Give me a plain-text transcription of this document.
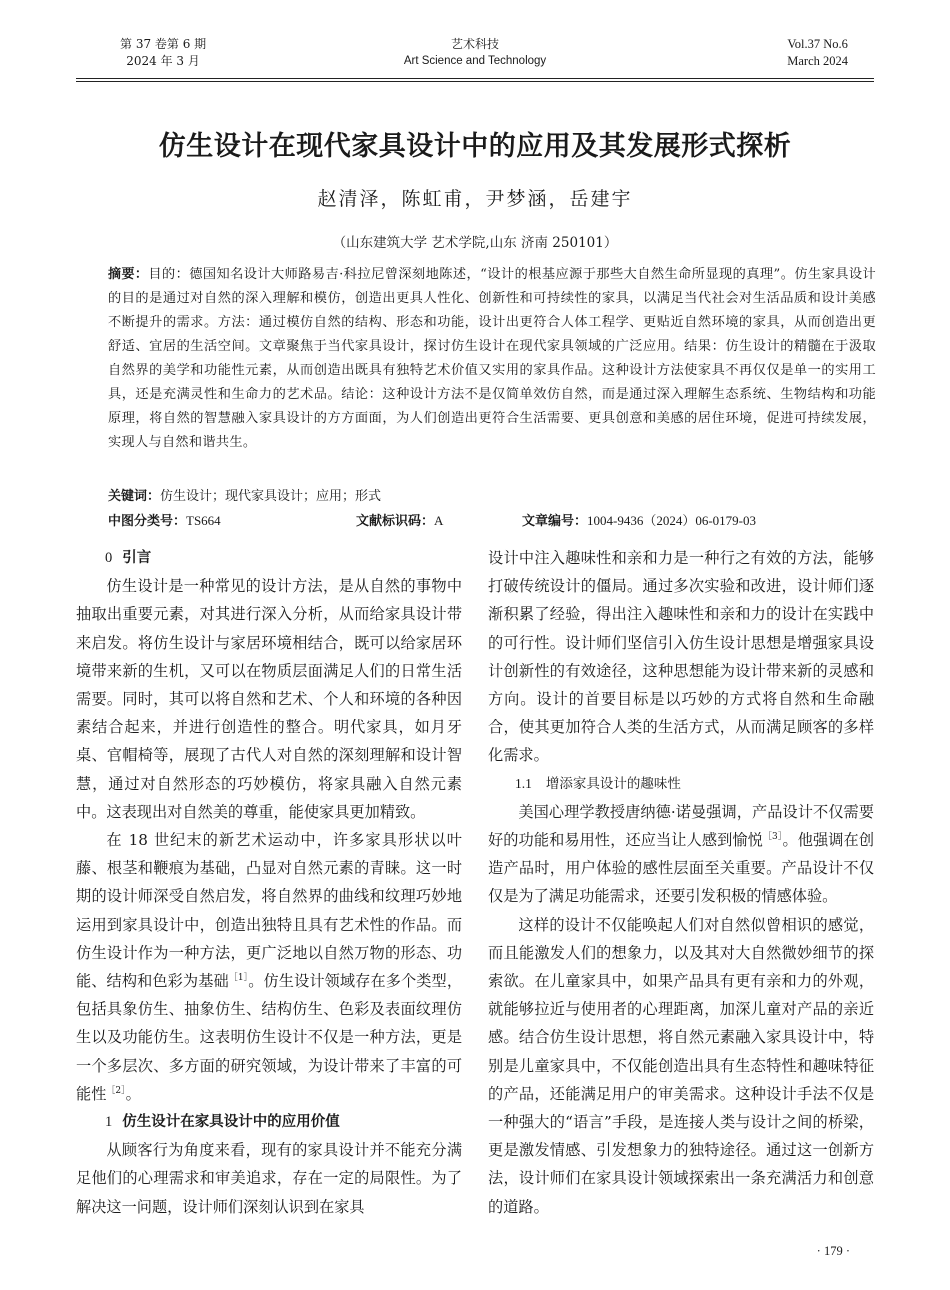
第 37 卷第 6 期
2024 年 3 月
艺术科技
Art Science and Technology
Vol.37 No.6
March 2024
仿生设计在现代家具设计中的应用及其发展形式探析
赵清泽，陈虹甫，尹梦涵，岳建宇
（山东建筑大学 艺术学院,山东 济南 250101）
摘要：目的：德国知名设计大师路易吉·科拉尼曾深刻地陈述，“设计的根基应源于那些大自然生命所显现的真理”。仿生家具设计的目的是通过对自然的深入理解和模仿，创造出更具人性化、创新性和可持续性的家具，以满足当代社会对生活品质和设计美感不断提升的需求。方法：通过模仿自然的结构、形态和功能，设计出更符合人体工程学、更贴近自然环境的家具，从而创造出更舒适、宜居的生活空间。文章聚焦于当代家具设计，探讨仿生设计在现代家具领域的广泛应用。结果：仿生设计的精髓在于汲取自然界的美学和功能性元素，从而创造出既具有独特艺术价值又实用的家具作品。这种设计方法使家具不再仅仅是单一的实用工具，还是充满灵性和生命力的艺术品。结论：这种设计方法不是仅简单效仿自然，而是通过深入理解生态系统、生物结构和功能原理，将自然的智慧融入家具设计的方方面面，为人们创造出更符合生活需要、更具创意和美感的居住环境，促进可持续发展，实现人与自然和谐共生。
关键词：仿生设计；现代家具设计；应用；形式
中图分类号：TS664	文献标识码：A	文章编号：1004-9436（2024）06-0179-03

0 引言

仿生设计是一种常见的设计方法，是从自然的事物中抽取出重要元素，对其进行深入分析，从而给家具设计带来启发。将仿生设计与家居环境相结合，既可以给家居环境带来新的生机，又可以在物质层面满足人们的日常生活需要。同时，其可以将自然和艺术、个人和环境的各种因素结合起来，并进行创造性的整合。明代家具，如月牙桌、官帽椅等，展现了古代人对自然的深刻理解和设计智慧，通过对自然形态的巧妙模仿，将家具融入自然元素中。这表现出对自然美的尊重，能使家具更加精致。

在 18 世纪末的新艺术运动中，许多家具形状以叶藤、根茎和鞭痕为基础，凸显对自然元素的青睐。这一时期的设计师深受自然启发，将自然界的曲线和纹理巧妙地运用到家具设计中，创造出独特且具有艺术性的作品。而仿生设计作为一种方法，更广泛地以自然万物的形态、功能、结构和色彩为基础$^{[1]}$。仿生设计领域存在多个类型，包括具象仿生、抽象仿生、结构仿生、色彩及表面纹理仿生以及功能仿生。这表明仿生设计不仅是一种方法，更是一个多层次、多方面的研究领域，为设计带来了丰富的可能性$^{[2]}$。

1 仿生设计在家具设计中的应用价值

从顾客行为角度来看，现有的家具设计并不能充分满足他们的心理需求和审美追求，存在一定的局限性。为了解决这一问题，设计师们深刻认识到在家具

设计中注入趣味性和亲和力是一种行之有效的方法，能够打破传统设计的僵局。通过多次实验和改进，设计师们逐渐积累了经验，得出注入趣味性和亲和力的设计在实践中的可行性。设计师们坚信引入仿生设计思想是增强家具设计创新性的有效途径，这种思想能为设计带来新的灵感和方向。设计的首要目标是以巧妙的方式将自然和生命融合，使其更加符合人类的生活方式，从而满足顾客的多样化需求。

1.1 增添家具设计的趣味性

美国心理学教授唐纳德·诺曼强调，产品设计不仅需要好的功能和易用性，还应当让人感到愉悦$^{[3]}$。他强调在创造产品时，用户体验的感性层面至关重要。产品设计不仅仅是为了满足功能需求，还要引发积极的情感体验。

这样的设计不仅能唤起人们对自然似曾相识的感觉，而且能激发人们的想象力，以及其对大自然微妙细节的探索欲。在儿童家具中，如果产品具有更有亲和力的外观，就能够拉近与使用者的心理距离，加深儿童对产品的亲近感。结合仿生设计思想，将自然元素融入家具设计中，特别是儿童家具中，不仅能创造出具有生态特性和趣味特征的产品，还能满足用户的审美需求。这种设计手法不仅是一种强大的“语言”手段，是连接人类与设计之间的桥梁，更是激发情感、引发想象力的独特途径。通过这一创新方法，设计师们在家具设计领域探索出一条充满活力和创意的道路。

· 179 ·
